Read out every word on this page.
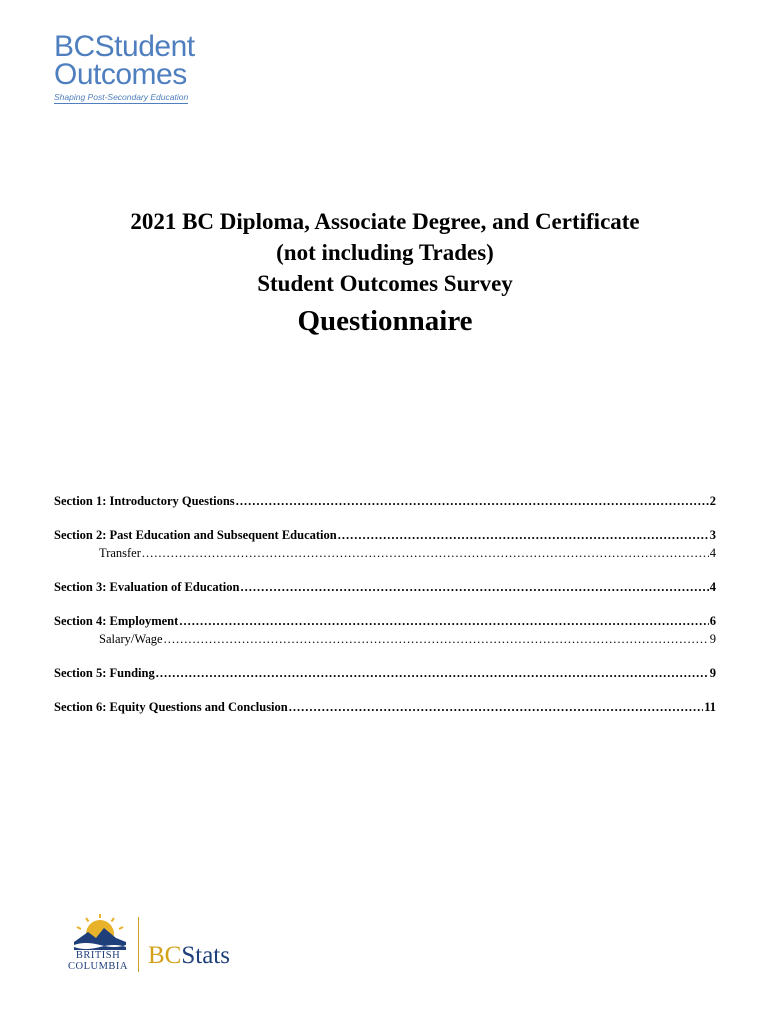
BCStudent
Outcomes
Shaping Post-Secondary Education
2021 BC Diploma, Associate Degree, and Certificate
(not including Trades)
Student Outcomes Survey
Questionnaire
Section 1: Introductory Questions .....	2
Section 2: Past Education and Subsequent Education .....	3
Transfer .....	4
Section 3: Evaluation of Education .....	4
Section 4: Employment .....	6
Salary/Wage .....	9
Section 5: Funding .....	9
Section 6: Equity Questions and Conclusion .....	11
BRITISH
COLUMBIA BCStats
